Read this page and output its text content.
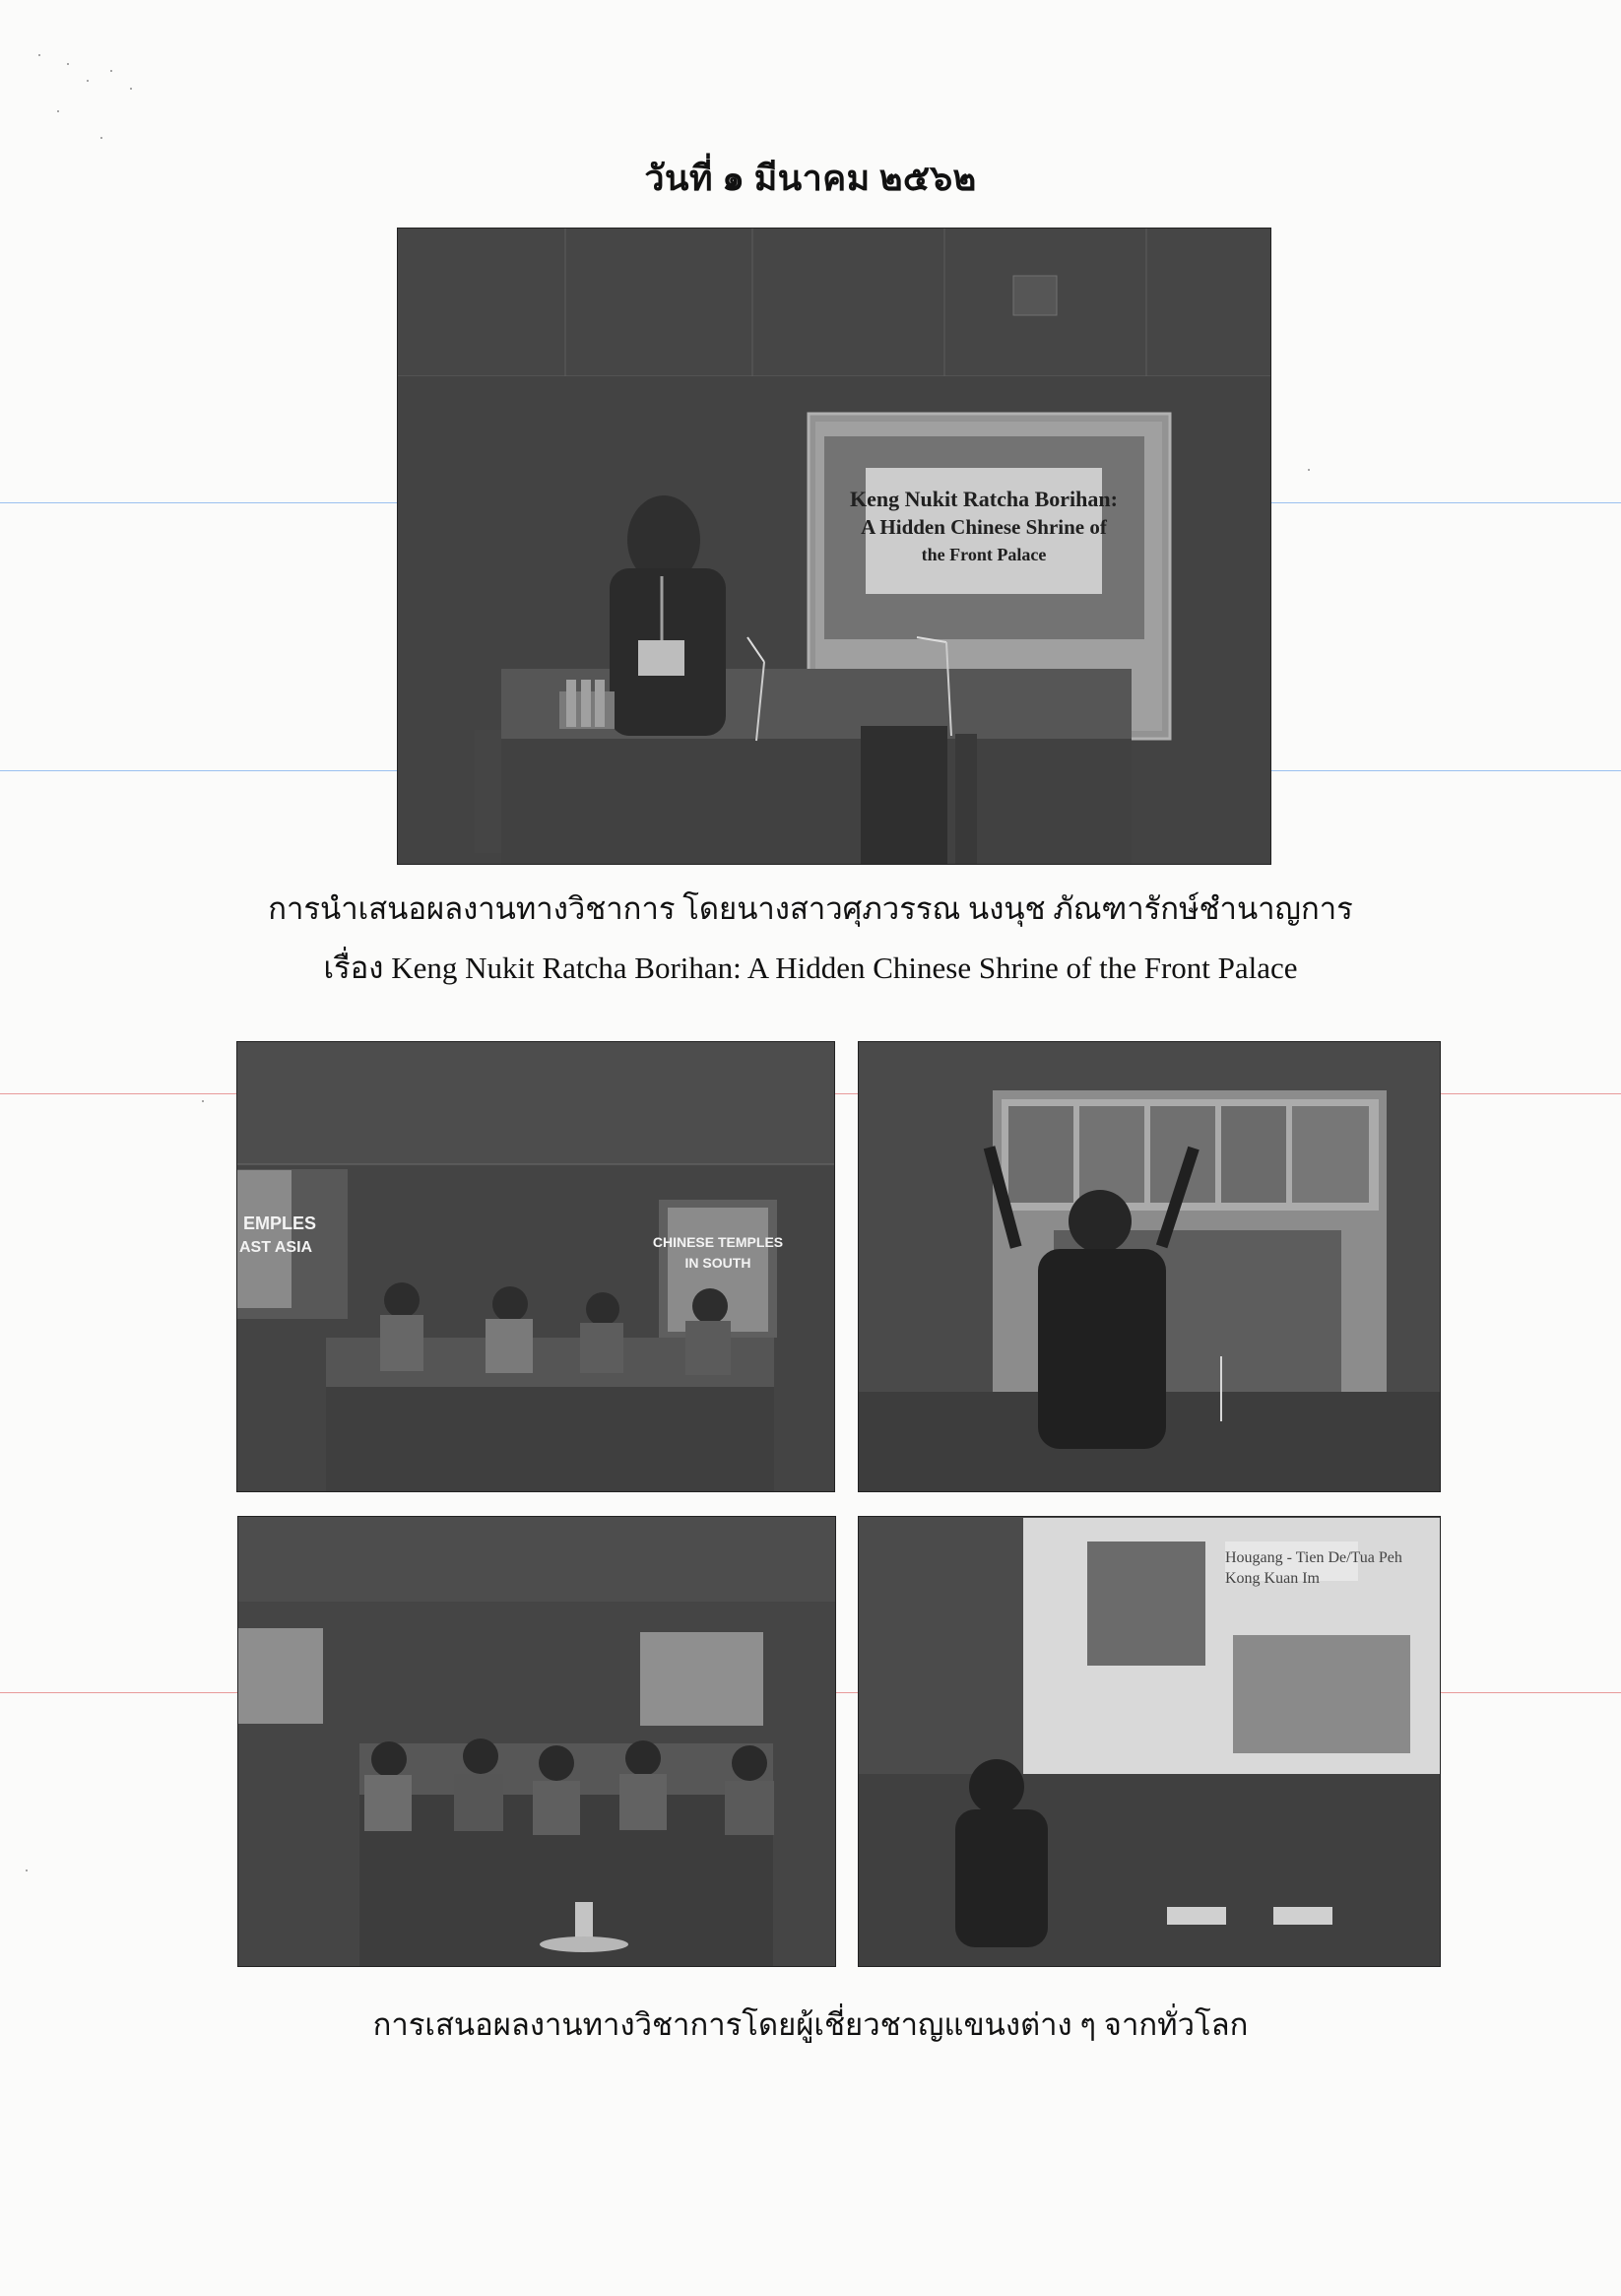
วันที่ ๑ มีนาคม ๒๕๖๒
การนำเสนอผลงานทางวิชาการ โดยนางสาวศุภวรรณ นงนุช ภัณฑารักษ์ชำนาญการ
เรื่อง Keng Nukit Ratcha Borihan: A Hidden Chinese Shrine of the Front Palace
EMPLES
AST ASIA	CHINESE TEMPLES
IN SOUTH
Hougang - Tien De/Tua Peh
Kong Kuan Im
การเสนอผลงานทางวิชาการโดยผู้เชี่ยวชาญแขนงต่าง ๆ จากทั่วโลก
